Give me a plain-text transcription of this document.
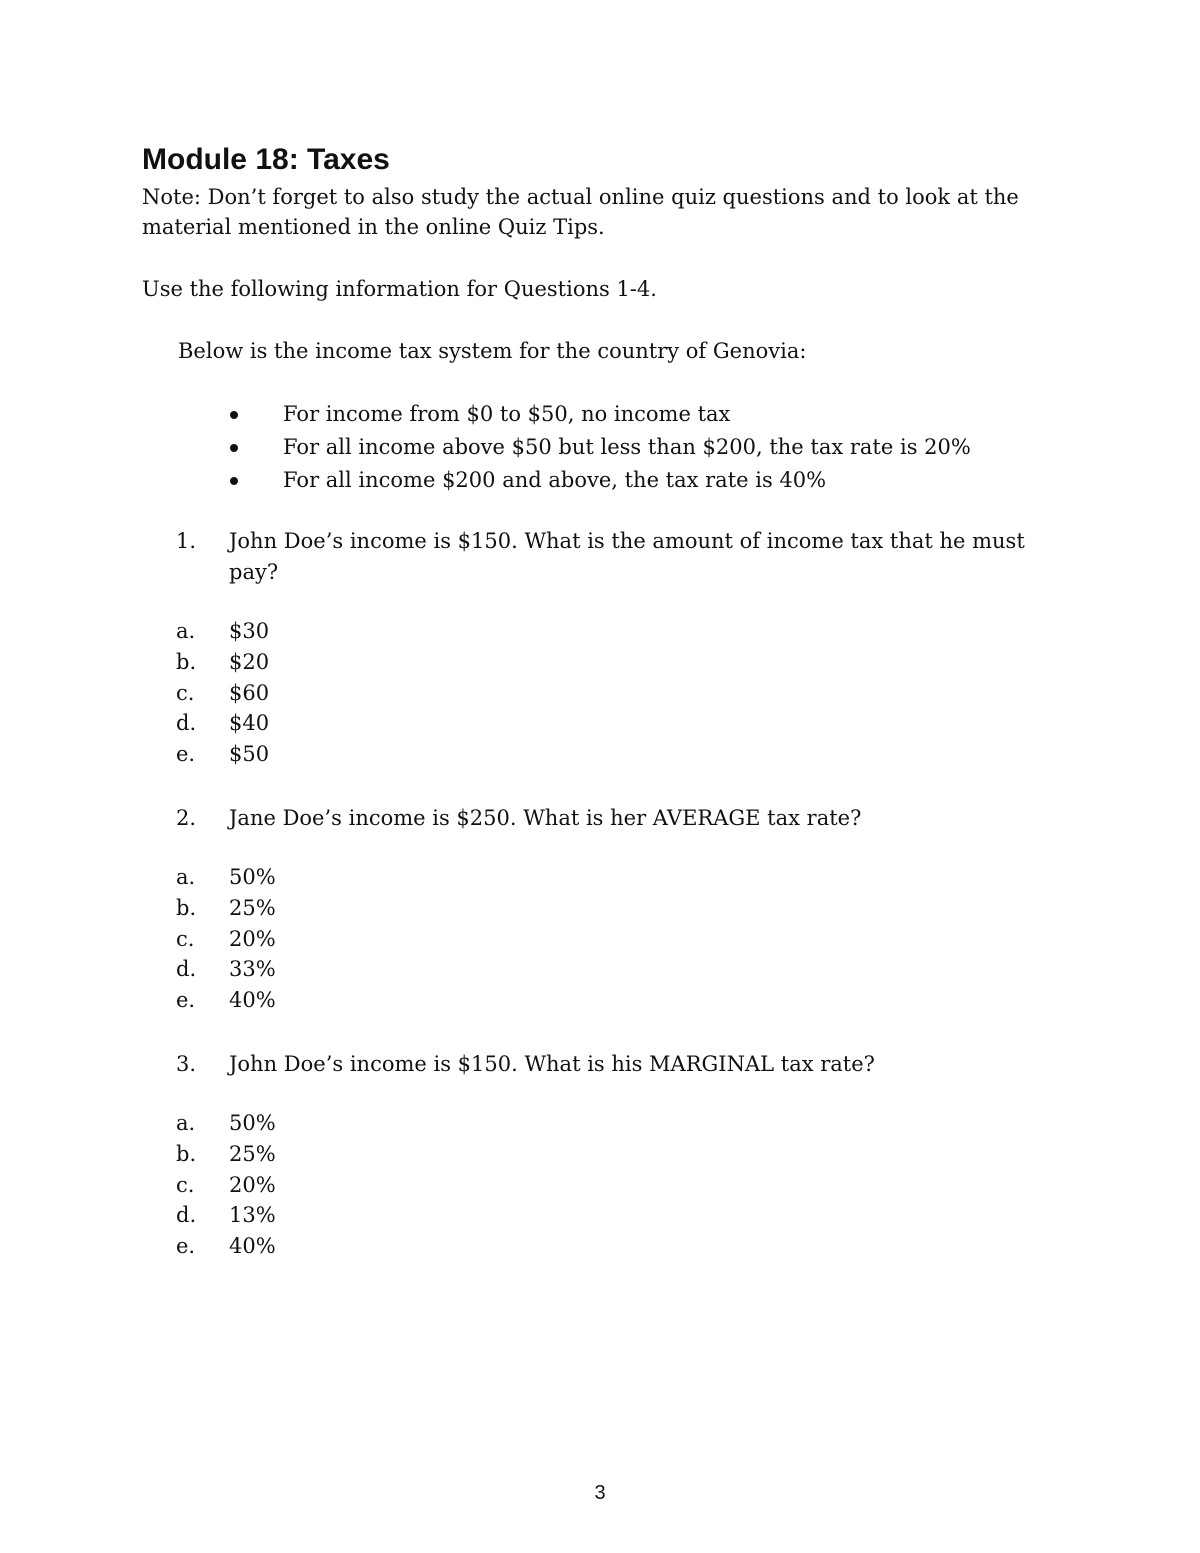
Module 18: Taxes

Note: Don’t forget to also study the actual online quiz questions and to look at the material mentioned in the online Quiz Tips.

Use the following information for Questions 1-4.

Below is the income tax system for the country of Genovia:

For income from $0 to $50, no income tax
For all income above $50 but less than $200, the tax rate is 20%
For all income $200 and above, the tax rate is 40%
1. John Doe’s income is $150. What is the amount of income tax that he must pay?
a. $30
b. $20
c. $60
d. $40
e. $50
2. Jane Doe’s income is $250. What is her AVERAGE tax rate?
a. 50%
b. 25%
c. 20%
d. 33%
e. 40%
3. John Doe’s income is $150. What is his MARGINAL tax rate?
a. 50%
b. 25%
c. 20%
d. 13%
e. 40%
3
